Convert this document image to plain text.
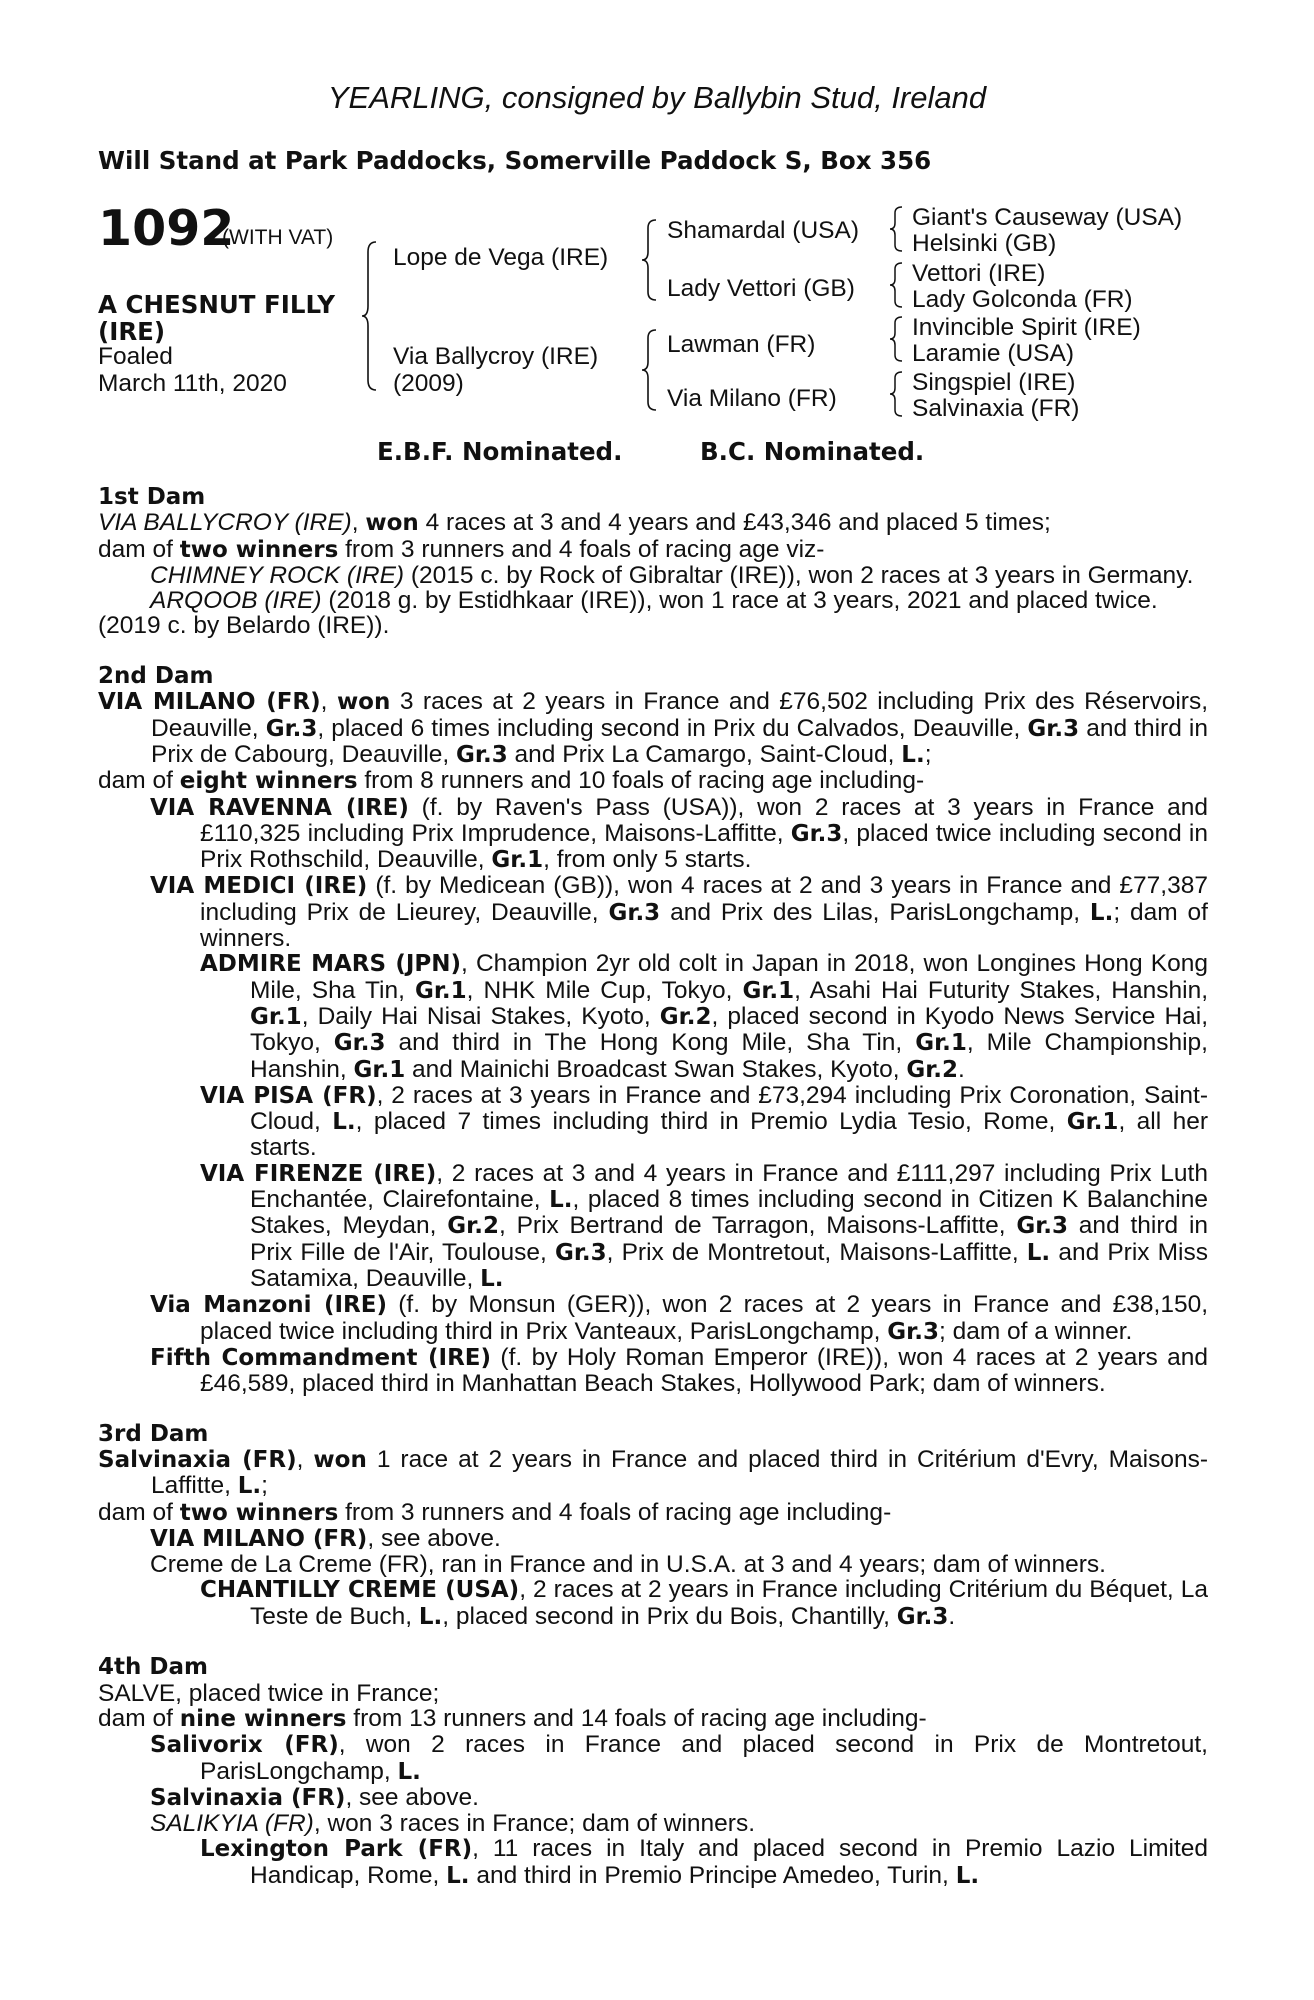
YEARLING, consigned by Ballybin Stud, Ireland
Will Stand at Park Paddocks, Somerville Paddock S, Box 356
1092
(WITH VAT)
A CHESNUT FILLY
(IRE)
Foaled
March 11th, 2020
Lope de Vega (IRE)
Via Ballycroy (IRE)
(2009)
Shamardal (USA)
Lady Vettori (GB)
Lawman (FR)
Via Milano (FR)
Giant's Causeway (USA)
Helsinki (GB)
Vettori (IRE)
Lady Golconda (FR)
Invincible Spirit (IRE)
Laramie (USA)
Singspiel (IRE)
Salvinaxia (FR)
E.B.F. Nominated.	B.C. Nominated.

1st Dam

VIA BALLYCROY (IRE), won 4 races at 3 and 4 years and £43,346 and placed 5 times;

dam of two winners from 3 runners and 4 foals of racing age viz-

CHIMNEY ROCK (IRE) (2015 c. by Rock of Gibraltar (IRE)), won 2 races at 3 years in Germany.

ARQOOB (IRE) (2018 g. by Estidhkaar (IRE)), won 1 race at 3 years, 2021 and placed twice.

(2019 c. by Belardo (IRE)).

2nd Dam

VIA MILANO (FR), won 3 races at 2 years in France and £76,502 including Prix des Réservoirs, Deauville, Gr.3, placed 6 times including second in Prix du Calvados, Deauville, Gr.3 and third in Prix de Cabourg, Deauville, Gr.3 and Prix La Camargo, Saint-Cloud, L.;

dam of eight winners from 8 runners and 10 foals of racing age including-

VIA RAVENNA (IRE) (f. by Raven's Pass (USA)), won 2 races at 3 years in France and £110,325 including Prix Imprudence, Maisons-Laffitte, Gr.3, placed twice including second in Prix Rothschild, Deauville, Gr.1, from only 5 starts.

VIA MEDICI (IRE) (f. by Medicean (GB)), won 4 races at 2 and 3 years in France and £77,387 including Prix de Lieurey, Deauville, Gr.3 and Prix des Lilas, ParisLongchamp, L.; dam of winners.

ADMIRE MARS (JPN), Champion 2yr old colt in Japan in 2018, won Longines Hong Kong Mile, Sha Tin, Gr.1, NHK Mile Cup, Tokyo, Gr.1, Asahi Hai Futurity Stakes, Hanshin, Gr.1, Daily Hai Nisai Stakes, Kyoto, Gr.2, placed second in Kyodo News Service Hai, Tokyo, Gr.3 and third in The Hong Kong Mile, Sha Tin, Gr.1, Mile Championship, Hanshin, Gr.1 and Mainichi Broadcast Swan Stakes, Kyoto, Gr.2.

VIA PISA (FR), 2 races at 3 years in France and £73,294 including Prix Coronation, Saint-Cloud, L., placed 7 times including third in Premio Lydia Tesio, Rome, Gr.1, all her starts.

VIA FIRENZE (IRE), 2 races at 3 and 4 years in France and £111,297 including Prix Luth Enchantée, Clairefontaine, L., placed 8 times including second in Citizen K Balanchine Stakes, Meydan, Gr.2, Prix Bertrand de Tarragon, Maisons-Laffitte, Gr.3 and third in Prix Fille de l'Air, Toulouse, Gr.3, Prix de Montretout, Maisons-Laffitte, L. and Prix Miss Satamixa, Deauville, L.

Via Manzoni (IRE) (f. by Monsun (GER)), won 2 races at 2 years in France and £38,150, placed twice including third in Prix Vanteaux, ParisLongchamp, Gr.3; dam of a winner.

Fifth Commandment (IRE) (f. by Holy Roman Emperor (IRE)), won 4 races at 2 years and £46,589, placed third in Manhattan Beach Stakes, Hollywood Park; dam of winners.

3rd Dam

Salvinaxia (FR), won 1 race at 2 years in France and placed third in Critérium d'Evry, Maisons-Laffitte, L.;

dam of two winners from 3 runners and 4 foals of racing age including-

VIA MILANO (FR), see above.

Creme de La Creme (FR), ran in France and in U.S.A. at 3 and 4 years; dam of winners.

CHANTILLY CREME (USA), 2 races at 2 years in France including Critérium du Béquet, La Teste de Buch, L., placed second in Prix du Bois, Chantilly, Gr.3.

4th Dam

SALVE, placed twice in France;

dam of nine winners from 13 runners and 14 foals of racing age including-

Salivorix (FR), won 2 races in France and placed second in Prix de Montretout, ParisLongchamp, L.

Salvinaxia (FR), see above.

SALIKYIA (FR), won 3 races in France; dam of winners.

Lexington Park (FR), 11 races in Italy and placed second in Premio Lazio Limited Handicap, Rome, L. and third in Premio Principe Amedeo, Turin, L.
